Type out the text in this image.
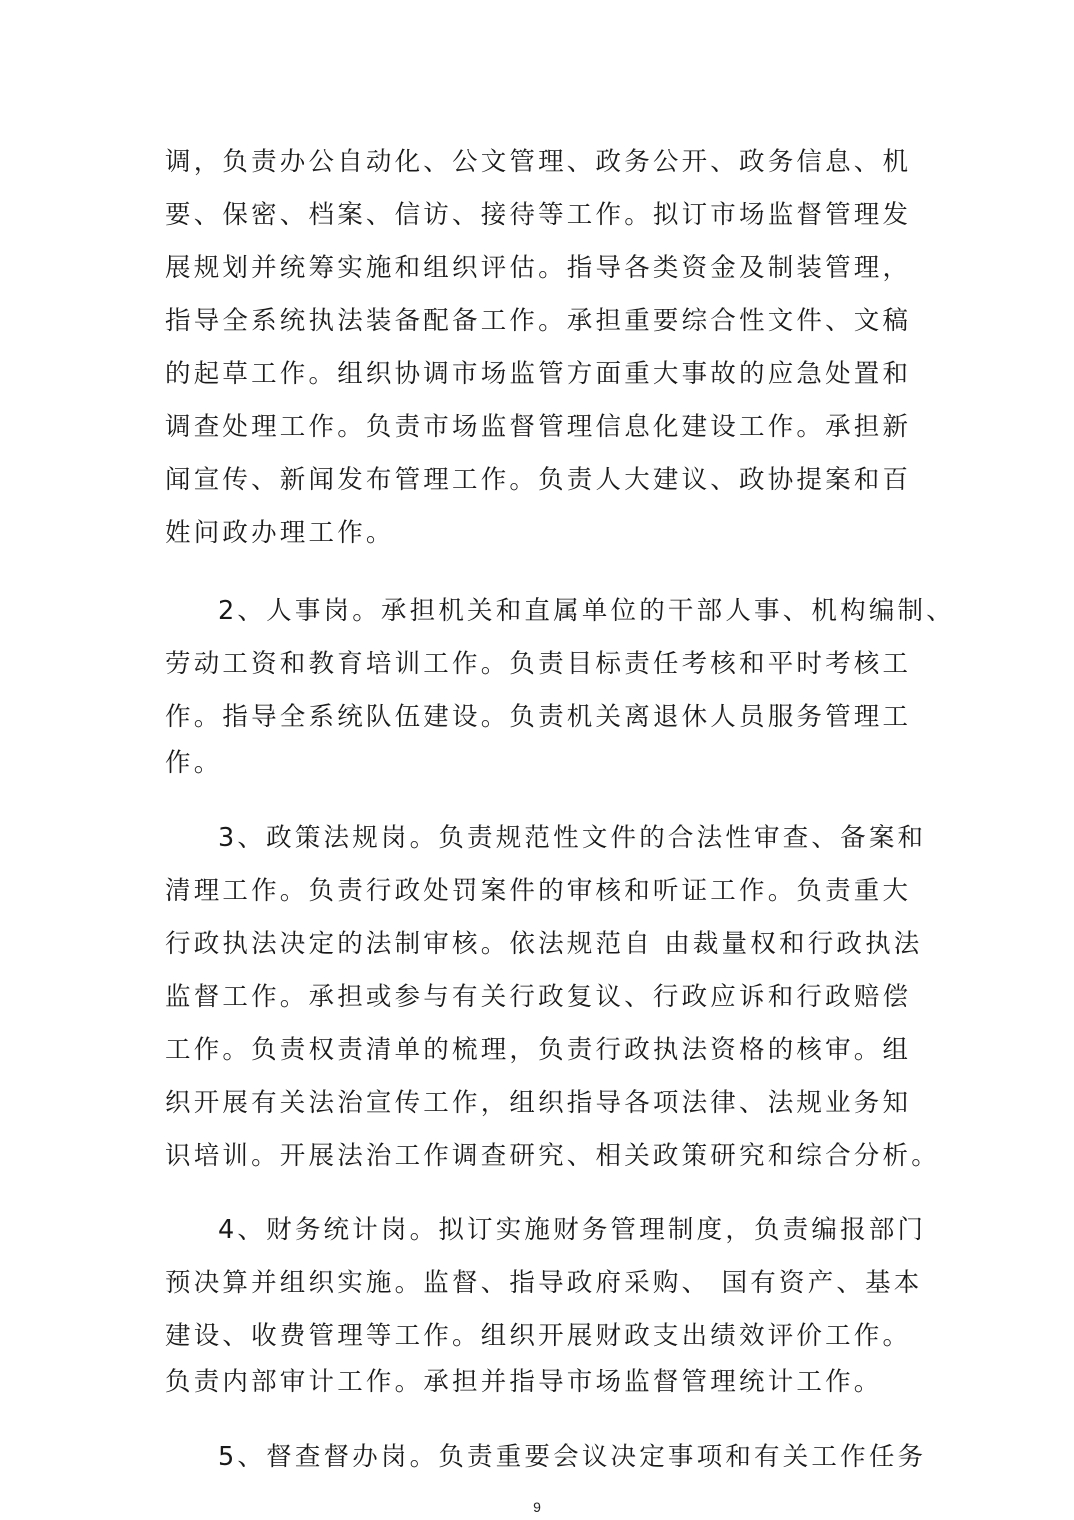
调，负责办公自动化、公文管理、政务公开、政务信息、机
要、保密、档案、信访、接待等工作。拟订市场监督管理发
展规划并统筹实施和组织评估。指导各类资金及制装管理，
指导全系统执法装备配备工作。承担重要综合性文件、文稿
的起草工作。组织协调市场监管方面重大事故的应急处置和
调查处理工作。负责市场监督管理信息化建设工作。承担新
闻宣传、新闻发布管理工作。负责人大建议、政协提案和百
姓问政办理工作。
2、人事岗。承担机关和直属单位的干部人事、机构编制、
劳动工资和教育培训工作。负责目标责任考核和平时考核工
作。指导全系统队伍建设。负责机关离退休人员服务管理工
作。
3、政策法规岗。负责规范性文件的合法性审查、备案和
清理工作。负责行政处罚案件的审核和听证工作。负责重大
行政执法决定的法制审核。依法规范自 由裁量权和行政执法
监督工作。承担或参与有关行政复议、行政应诉和行政赔偿
工作。负责权责清单的梳理，负责行政执法资格的核审。组
织开展有关法治宣传工作，组织指导各项法律、法规业务知
识培训。开展法治工作调查研究、相关政策研究和综合分析。
4、财务统计岗。拟订实施财务管理制度，负责编报部门
预决算并组织实施。监督、指导政府采购、 国有资产、基本
建设、收费管理等工作。组织开展财政支出绩效评价工作。
负责内部审计工作。承担并指导市场监督管理统计工作。
5、督查督办岗。负责重要会议决定事项和有关工作任务
9
